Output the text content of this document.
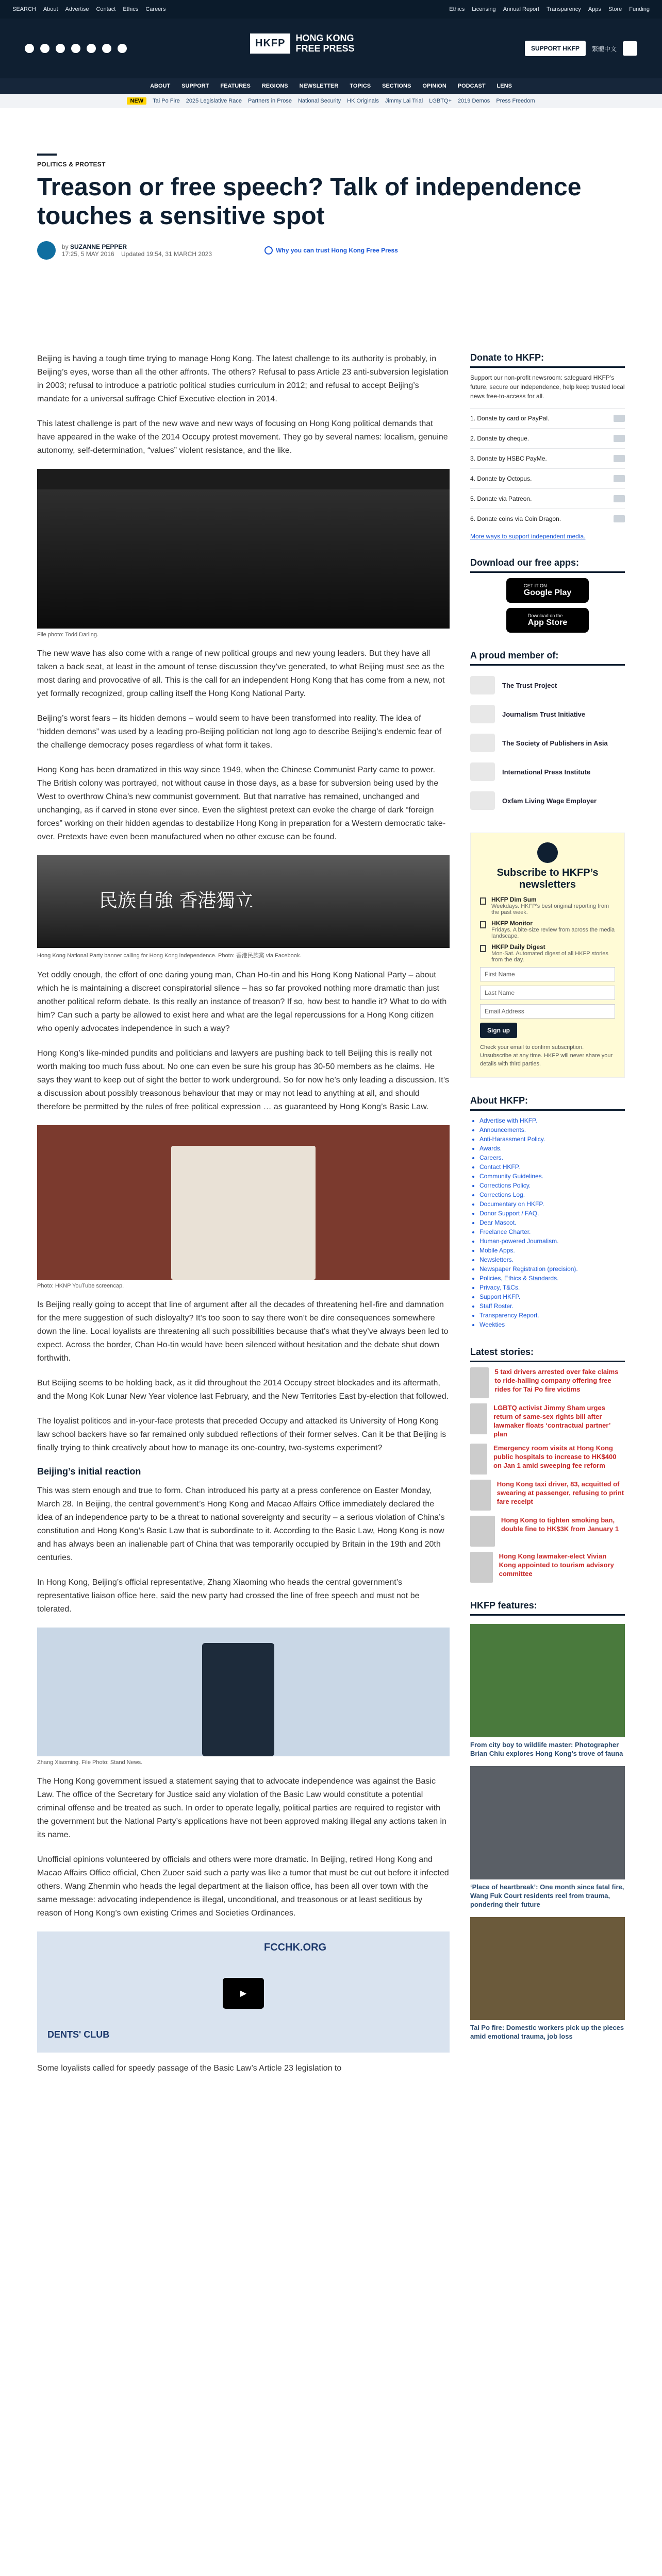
SEARCH About Advertise Contact Ethics Careers	Ethics Licensing Annual Report Transparency Apps Store Funding
HKFP	HONG KONG
FREE PRESS	SUPPORT HKFP	繁體中文
ABOUT SUPPORT FEATURES REGIONS NEWSLETTER TOPICS SECTIONS OPINION PODCAST LENS
NEW	Tai Po Fire 2025 Legislative Race Partners in Prose National Security HK Originals Jimmy Lai Trial LGBTQ+ 2019 Demos Press Freedom
POLITICS & PROTEST
Treason or free speech? Talk of independence touches a sensitive spot
by SUZANNE PEPPER
17:25, 5 MAY 2016 Updated 19:54, 31 MARCH 2023	Why you can trust Hong Kong Free Press

Beijing is having a tough time trying to manage Hong Kong. The latest challenge to its authority is probably, in Beijing’s eyes, worse than all the other affronts. The others? Refusal to pass Article 23 anti-subversion legislation in 2003; refusal to introduce a patriotic political studies curriculum in 2012; and refusal to accept Beijing’s mandate for a universal suffrage Chief Executive election in 2014.

This latest challenge is part of the new wave and new ways of focusing on Hong Kong political demands that have appeared in the wake of the 2014 Occupy protest movement. They go by several names: localism, genuine autonomy, self-determination, “values” violent resistance, and the like.

File photo: Todd Darling.

The new wave has also come with a range of new political groups and new young leaders. But they have all taken a back seat, at least in the amount of tense discussion they’ve generated, to what Beijing must see as the most daring and provocative of all. This is the call for an independent Hong Kong that has come from a new, not yet formally recognized, group calling itself the Hong Kong National Party.

Beijing’s worst fears – its hidden demons – would seem to have been transformed into reality. The idea of “hidden demons” was used by a leading pro-Beijing politician not long ago to describe Beijing’s endemic fear of the challenge democracy poses regardless of what form it takes.

Hong Kong has been dramatized in this way since 1949, when the Chinese Communist Party came to power. The British colony was portrayed, not without cause in those days, as a base for subversion being used by the West to overthrow China’s new communist government. But that narrative has remained, unchanged and unchanging, as if carved in stone ever since. Even the slightest pretext can evoke the charge of dark “foreign forces” working on their hidden agendas to destabilize Hong Kong in preparation for a Western democratic take-over. Pretexts have even been manufactured when no other excuse can be found.

民族自強 香港獨立
Hong Kong National Party banner calling for Hong Kong independence. Photo: 香港民族黨 via Facebook.

Yet oddly enough, the effort of one daring young man, Chan Ho-tin and his Hong Kong National Party – about which he is maintaining a discreet conspiratorial silence – has so far provoked nothing more dramatic than just another political reform debate. Is this really an instance of treason? If so, how best to handle it? What to do with him? Can such a party be allowed to exist here and what are the legal repercussions for a Hong Kong citizen who openly advocates independence in such a way?

Hong Kong’s like-minded pundits and politicians and lawyers are pushing back to tell Beijing this is really not worth making too much fuss about. No one can even be sure his group has 30-50 members as he claims. He says they want to keep out of sight the better to work underground. So for now he’s only leading a discussion. It’s a discussion about possibly treasonous behaviour that may or may not lead to anything at all, and should therefore be permitted by the rules of free political expression … as guaranteed by Hong Kong’s Basic Law.

Photo: HKNP YouTube screencap.

Is Beijing really going to accept that line of argument after all the decades of threatening hell-fire and damnation for the mere suggestion of such disloyalty? It’s too soon to say there won’t be dire consequences somewhere down the line. Local loyalists are threatening all such possibilities because that’s what they’ve always been led to expect. Across the border, Chan Ho-tin would have been silenced without hesitation and the debate shut down forthwith.

But Beijing seems to be holding back, as it did throughout the 2014 Occupy street blockades and its aftermath, and the Mong Kok Lunar New Year violence last February, and the New Territories East by-election that followed.

The loyalist politicos and in-your-face protests that preceded Occupy and attacked its University of Hong Kong law school backers have so far remained only subdued reflections of their former selves. Can it be that Beijing is finally trying to think creatively about how to manage its one-country, two-systems experiment?

Beijing’s initial reaction

This was stern enough and true to form. Chan introduced his party at a press conference on Easter Monday, March 28. In Beijing, the central government’s Hong Kong and Macao Affairs Office immediately declared the idea of an independence party to be a threat to national sovereignty and security – a serious violation of China’s constitution and Hong Kong’s Basic Law that is subordinate to it. According to the Basic Law, Hong Kong is now and has always been an inalienable part of China that was temporarily occupied by Britain in the 19th and 20th centuries.

In Hong Kong, Beijing’s official representative, Zhang Xiaoming who heads the central government’s representative liaison office here, said the new party had crossed the line of free speech and must not be tolerated.

Zhang Xiaoming. File Photo: Stand News.

The Hong Kong government issued a statement saying that to advocate independence was against the Basic Law. The office of the Secretary for Justice said any violation of the Basic Law would constitute a potential criminal offense and be treated as such. In order to operate legally, political parties are required to register with the government but the National Party’s applications have not been approved making illegal any actions taken in its name.

Unofficial opinions volunteered by officials and others were more dramatic. In Beijing, retired Hong Kong and Macao Affairs Office official, Chen Zuoer said such a party was like a tumor that must be cut out before it infected others. Wang Zhenmin who heads the legal department at the liaison office, has been all over town with the same message: advocating independence is illegal, unconditional, and treasonous or at least seditious by reason of Hong Kong’s own existing Crimes and Societies Ordinances.

FCCHK.ORG
▶
DENTS' CLUB

Some loyalists called for speedy passage of the Basic Law’s Article 23 legislation to

Donate to HKFP:
Support our non-profit newsroom: safeguard HKFP’s future, secure our independence, help keep trusted local news free-to-access for all.
1. Donate by card or PayPal.
2. Donate by cheque.
3. Donate by HSBC PayMe.
4. Donate by Octopus.
5. Donate via Patreon.
6. Donate coins via Coin Dragon.
More ways to support independent media.
Download our free apps:
GET IT ON
Google Play
Download on the
App Store
A proud member of:
The Trust Project
Journalism Trust Initiative
The Society of Publishers in Asia
International Press Institute
Oxfam Living Wage Employer
Subscribe to HKFP’s newsletters
HKFP Dim Sum
Weekdays. HKFP’s best original reporting from the past week.
HKFP Monitor
Fridays. A bite-size review from across the media landscape.
HKFP Daily Digest
Mon-Sat. Automated digest of all HKFP stories from the day.
First Name
Last Name
Email Address
Sign up
Check your email to confirm subscription. Unsubscribe at any time. HKFP will never share your details with third parties.
About HKFP:
• Advertise with HKFP.
• Announcements.
• Anti-Harassment Policy.
• Awards.
• Careers.
• Contact HKFP.
• Community Guidelines.
• Corrections Policy.
• Corrections Log.
• Documentary on HKFP.
• Donor Support / FAQ.
• Dear Mascot.
• Freelance Charter.
• Human-powered Journalism.
• Mobile Apps.
• Newsletters.
• Newspaper Registration (precision).
• Policies, Ethics & Standards.
• Privacy, T&Cs.
• Support HKFP.
• Staff Roster.
• Transparency Report.
• Weekties
Latest stories:
5 taxi drivers arrested over fake claims to ride-hailing company offering free rides for Tai Po fire victims
LGBTQ activist Jimmy Sham urges return of same-sex rights bill after lawmaker floats ‘contractual partner’ plan
Emergency room visits at Hong Kong public hospitals to increase to HK$400 on Jan 1 amid sweeping fee reform
Hong Kong taxi driver, 83, acquitted of swearing at passenger, refusing to print fare receipt
Hong Kong to tighten smoking ban, double fine to HK$3K from January 1
Hong Kong lawmaker-elect Vivian Kong appointed to tourism advisory committee
HKFP features:
From city boy to wildlife master: Photographer Brian Chiu explores Hong Kong’s trove of fauna
‘Place of heartbreak’: One month since fatal fire, Wang Fuk Court residents reel from trauma, pondering their future
Tai Po fire: Domestic workers pick up the pieces amid emotional trauma, job loss
